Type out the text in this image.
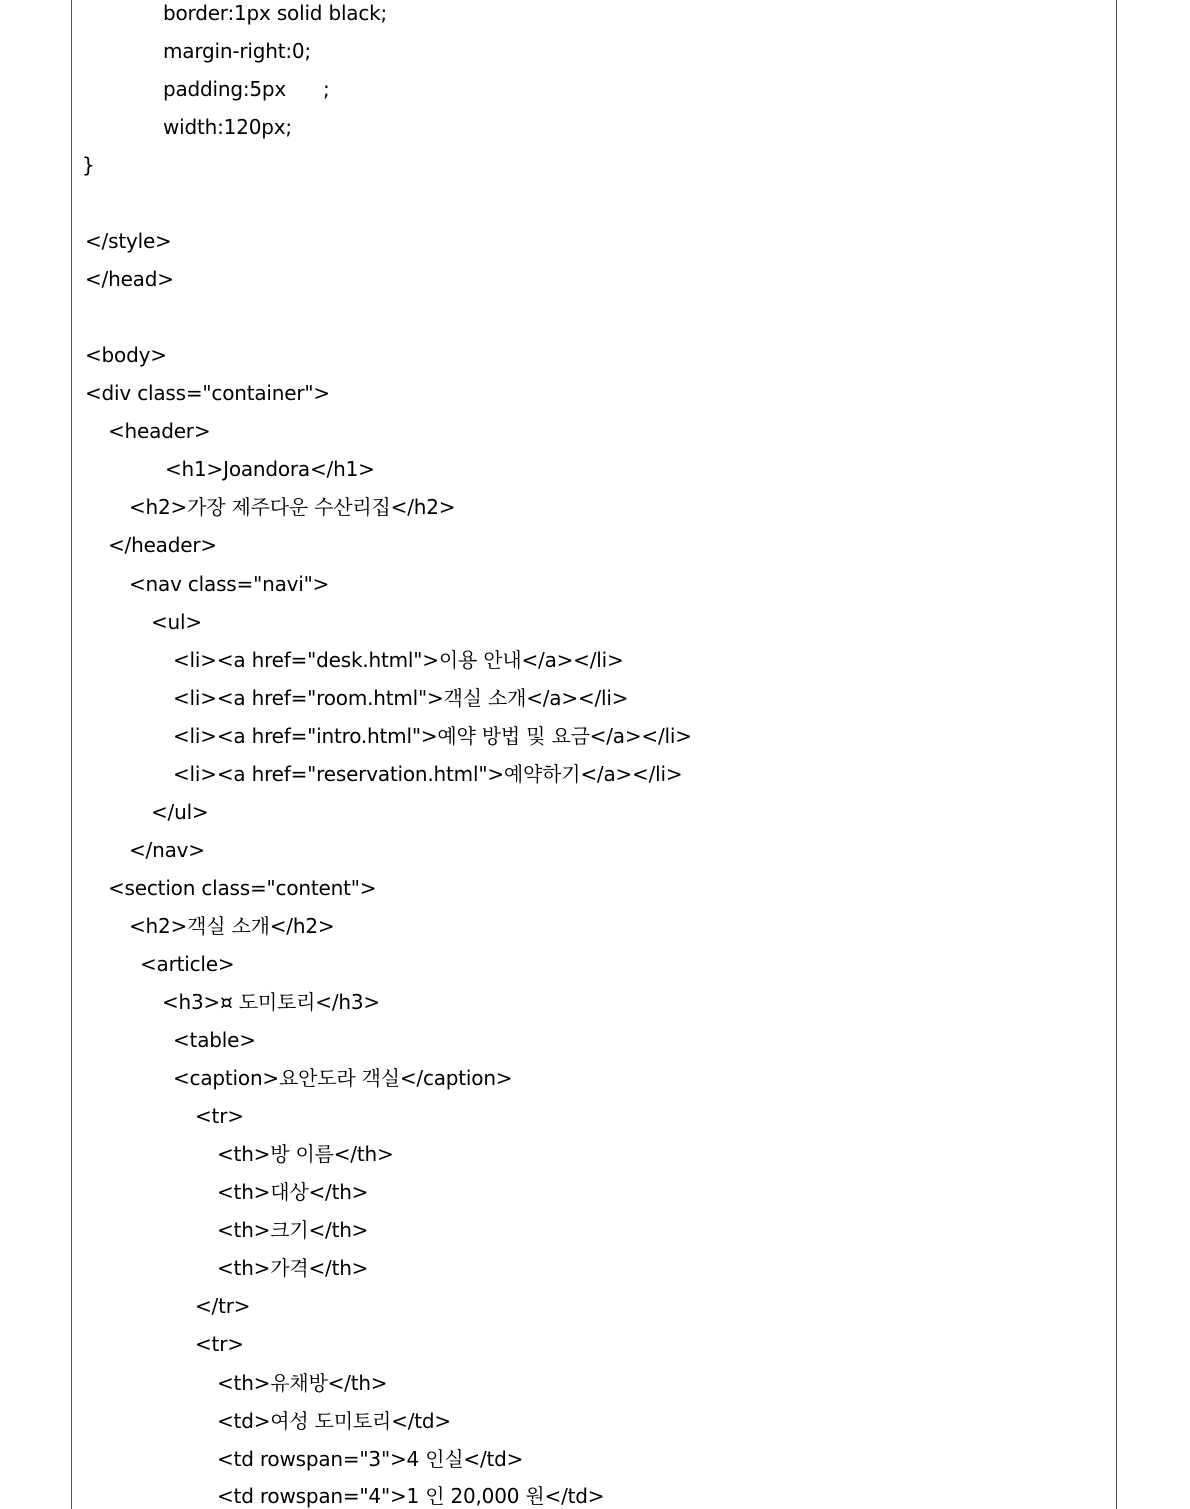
border:1px solid black;
margin-right:0;
padding:5px      ;
width:120px;
}
</style>
</head>
<body>
<div class="container">
<header>
<h1>Joandora</h1>
<h2>가장 제주다운 수산리집</h2>
</header>
<nav class="navi">
<ul>
<li><a href="desk.html">이용 안내</a></li>
<li><a href="room.html">객실 소개</a></li>
<li><a href="intro.html">예약 방법 및 요금</a></li>
<li><a href="reservation.html">예약하기</a></li>
</ul>
</nav>
<section class="content">
<h2>객실 소개</h2>
<article>
<h3>¤ 도미토리</h3>
<table>
<caption>요안도라 객실</caption>
<tr>
<th>방 이름</th>
<th>대상</th>
<th>크기</th>
<th>가격</th>
</tr>
<tr>
<th>유채방</th>
<td>여성 도미토리</td>
<td rowspan="3">4 인실</td>
<td rowspan="4">1 인 20,000 원</td>
